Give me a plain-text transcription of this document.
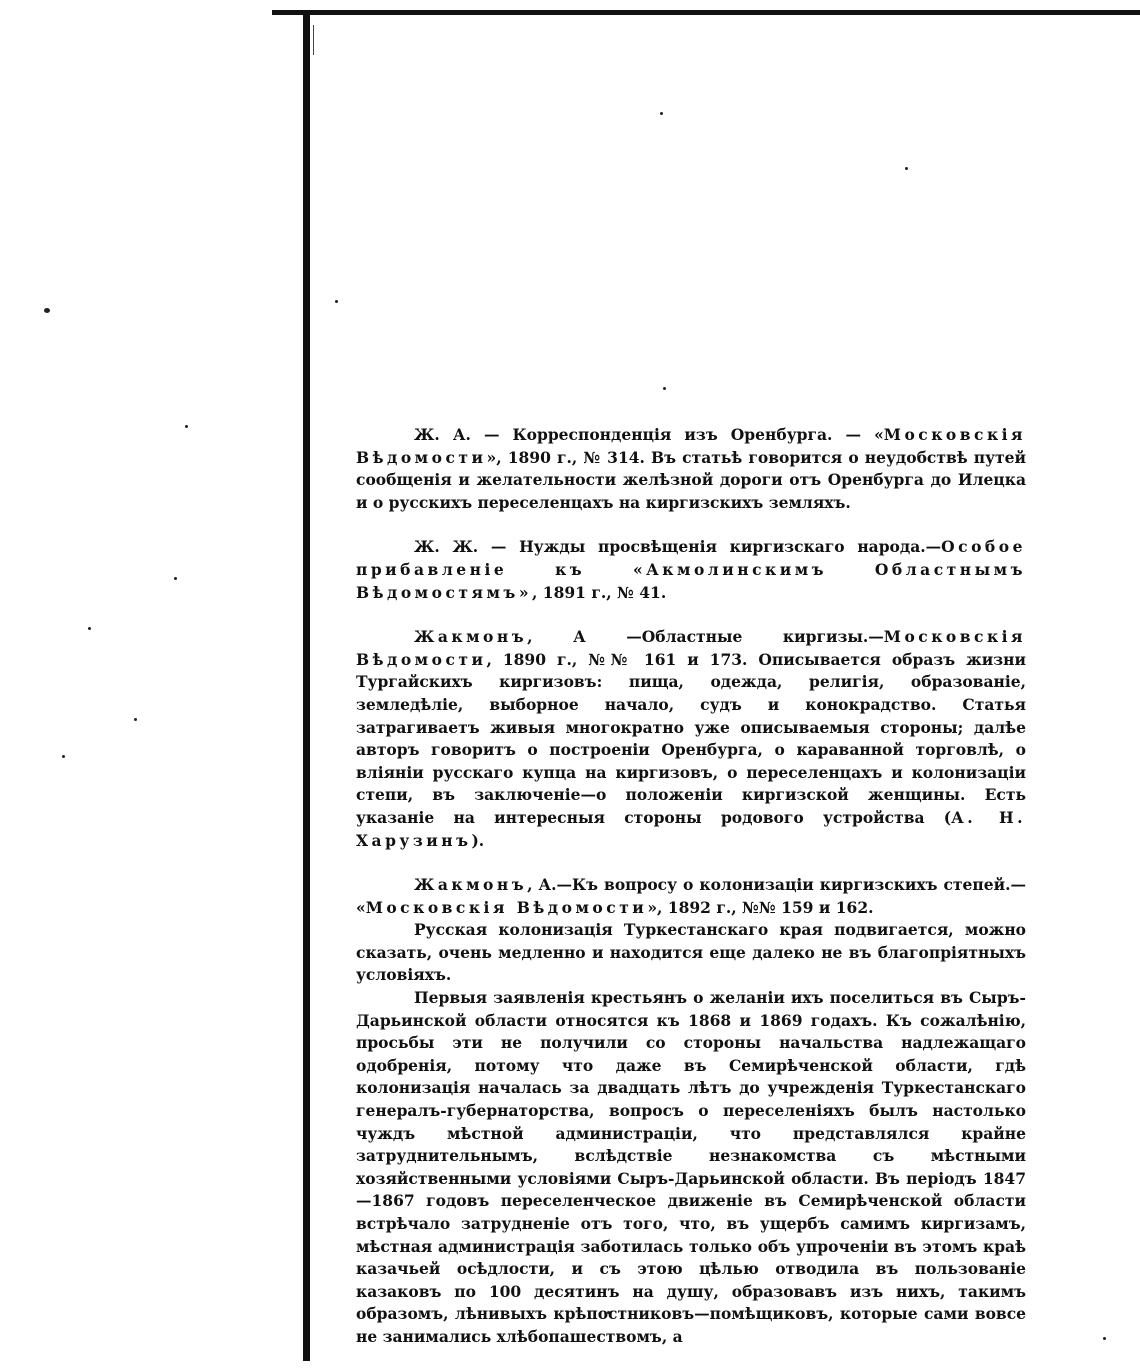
Ж. А. — Корреспонденція изъ Оренбурга. — «Московскія Вѣдомости», 1890 г., № 314. Въ статьѣ говорится о неудобствѣ путей сообщенія и желательности желѣзной дороги отъ Оренбурга до Илецка и о русскихъ переселенцахъ на киргизскихъ земляхъ.

Ж. Ж. — Нужды просвѣщенія киргизскаго народа.—Особое прибавленіе къ «Акмолинскимъ Областнымъ Вѣдомостямъ», 1891 г., № 41.

Жакмонъ, А —Областные киргизы.—Московскія Вѣдомости, 1890 г., №№ 161 и 173. Описывается образъ жизни Тургайскихъ киргизовъ: пища, одежда, религія, образованіе, земледѣліе, выборное начало, судъ и конокрадство. Статья затрагиваетъ живыя многократно уже описываемыя стороны; далѣе авторъ говоритъ о построеніи Оренбурга, о караванной торговлѣ, о вліяніи русскаго купца на киргизовъ, о переселенцахъ и колонизаціи степи, въ заключеніе—о положеніи киргизской женщины. Есть указаніе на интересныя стороны родового устройства (А. Н. Харузинъ).

Жакмонъ, А.—Къ вопросу о колонизаціи киргизскихъ степей.— «Московскія Вѣдомости», 1892 г., №№ 159 и 162.

Русская колонизація Туркестанскаго края подвигается, можно сказать, очень медленно и находится еще далеко не въ благопріятныхъ условіяхъ.

Первыя заявленія крестьянъ о желаніи ихъ поселиться въ Сыръ-Дарьинской области относятся къ 1868 и 1869 годахъ. Къ сожалѣнію, просьбы эти не получили со стороны начальства надлежащаго одобренія, потому что даже въ Семирѣченской области, гдѣ колонизація началась за двадцать лѣтъ до учрежденія Туркестанскаго генералъ-губернаторства, вопросъ о переселеніяхъ былъ настолько чуждъ мѣстной администраціи, что представлялся крайне затруднительнымъ, вслѣдствіе незнакомства съ мѣстными хозяйственными условіями Сыръ-Дарьинской области. Въ періодъ 1847—1867 годовъ переселенческое движеніе въ Семирѣченской области встрѣчало затрудненіе отъ того, что, въ ущербъ самимъ киргизамъ, мѣстная администрація заботилась только объ упроченіи въ этомъ краѣ казачьей осѣдлости, и съ этою цѣлью отводила въ пользованіе казаковъ по 100 десятинъ на душу, образовавъ изъ нихъ, такимъ образомъ, лѣнивыхъ крѣпостниковъ—помѣщиковъ, которые сами вовсе не занимались хлѣбопашествомъ, а
